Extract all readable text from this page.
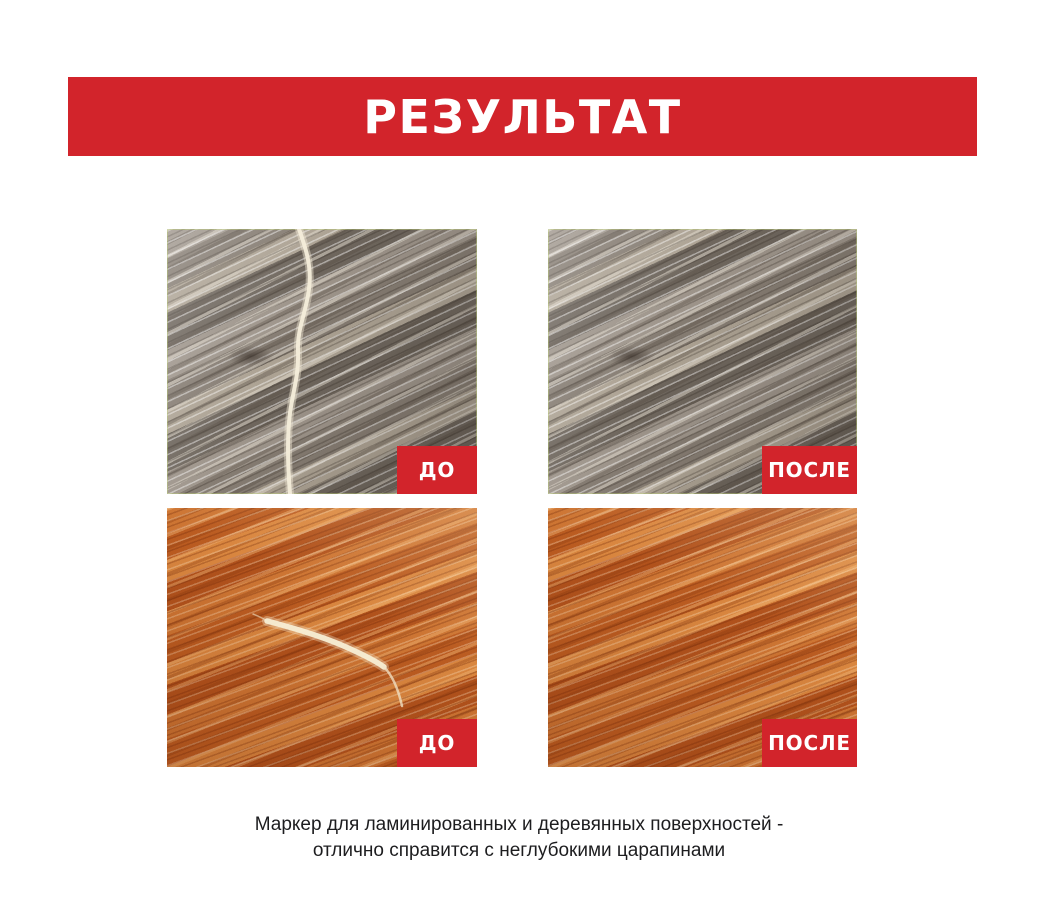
РЕЗУЛЬТАТ
ДО	ПОСЛЕ
ДО	ПОСЛЕ

Маркер для ламинированных и деревянных поверхностей -
отлично справится с неглубокими царапинами
